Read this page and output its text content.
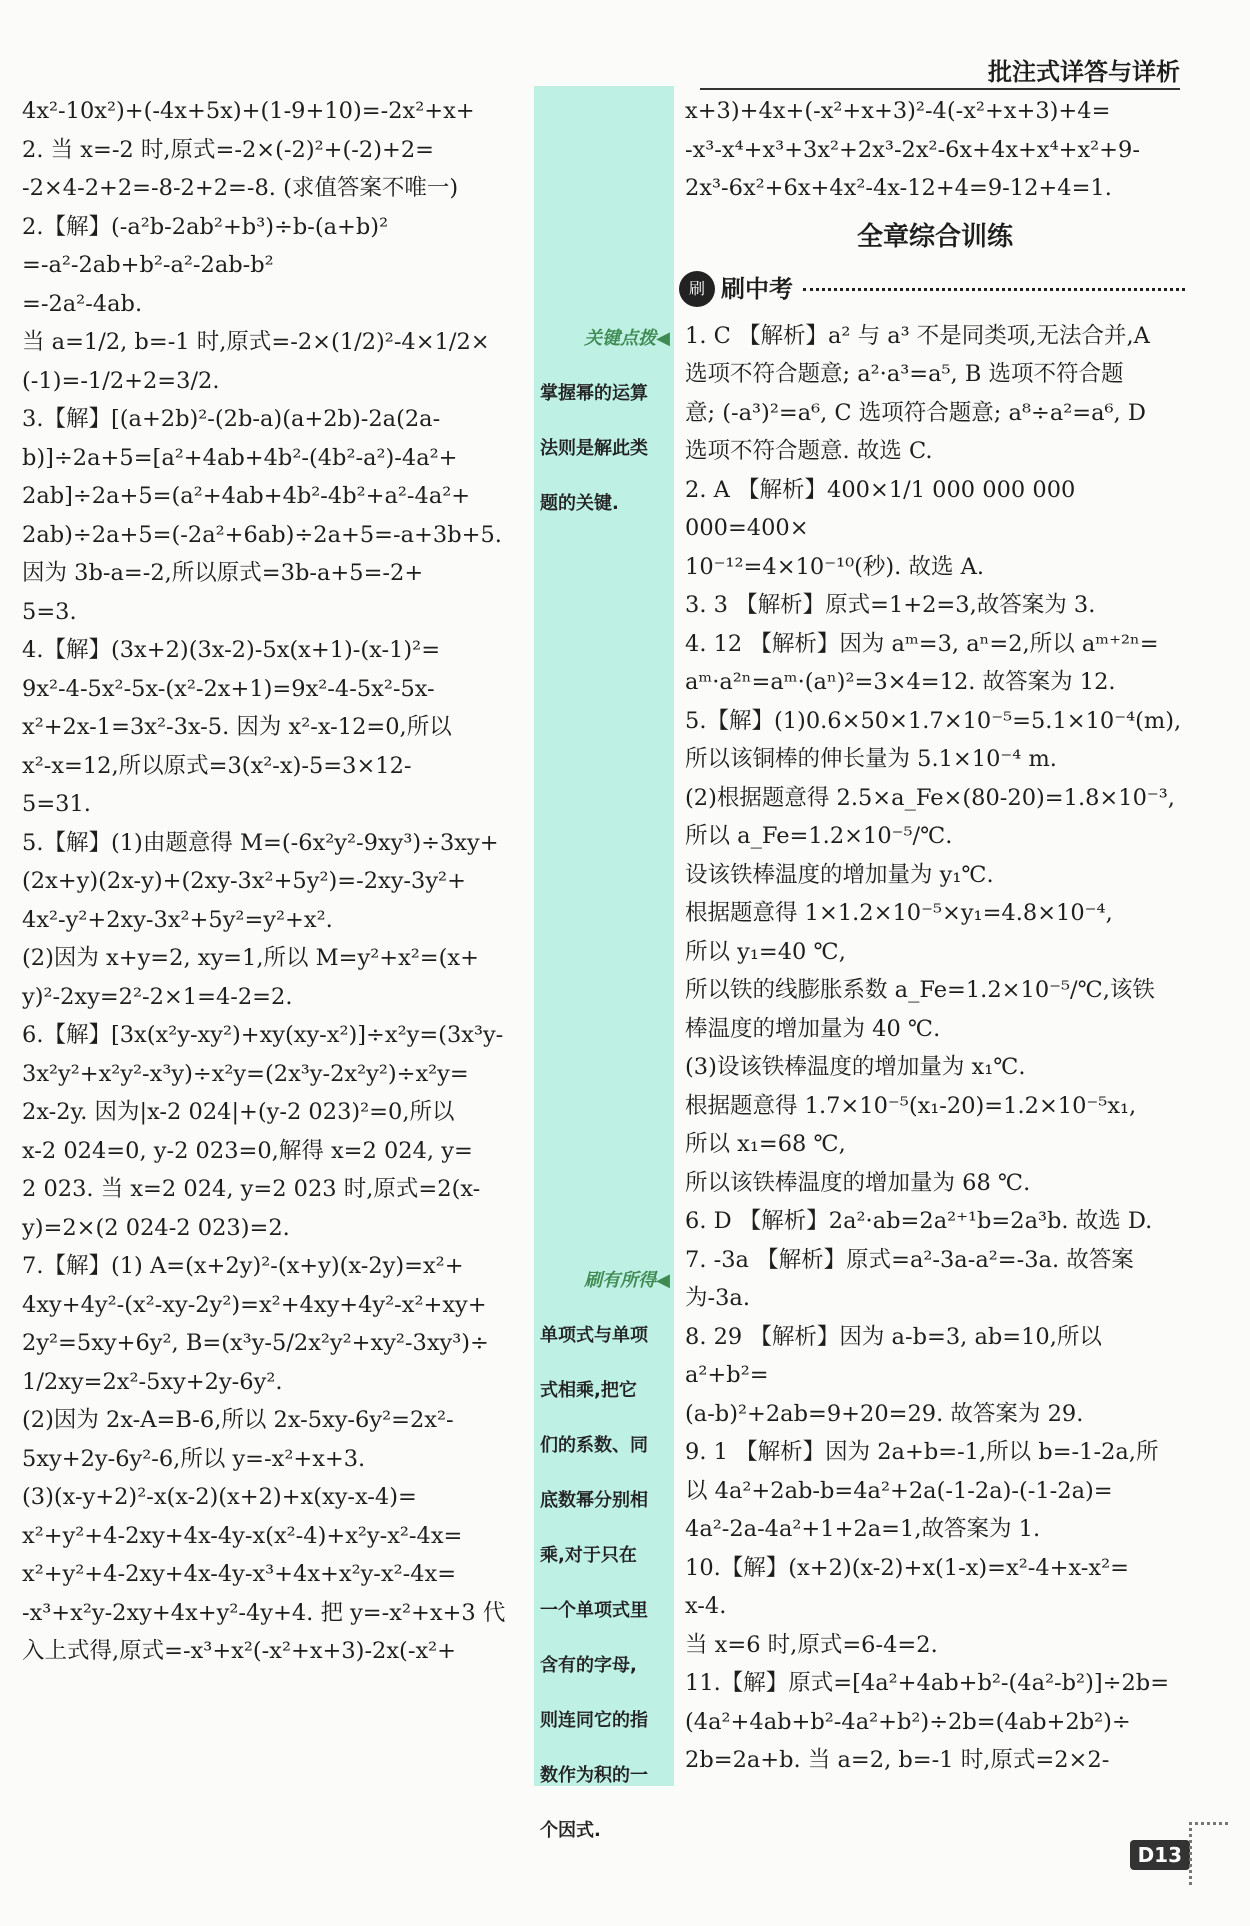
批注式详答与详析

4x²-10x²)+(-4x+5x)+(1-9+10)=-2x²+x+

2. 当 x=-2 时,原式=-2×(-2)²+(-2)+2=

-2×4-2+2=-8-2+2=-8. (求值答案不唯一)

2.【解】(-a²b-2ab²+b³)÷b-(a+b)²

=-a²-2ab+b²-a²-2ab-b²

=-2a²-4ab.

当 a=1/2, b=-1 时,原式=-2×(1/2)²-4×1/2×

(-1)=-1/2+2=3/2.

3.【解】[(a+2b)²-(2b-a)(a+2b)-2a(2a-

b)]÷2a+5=[a²+4ab+4b²-(4b²-a²)-4a²+

2ab]÷2a+5=(a²+4ab+4b²-4b²+a²-4a²+

2ab)÷2a+5=(-2a²+6ab)÷2a+5=-a+3b+5.

因为 3b-a=-2,所以原式=3b-a+5=-2+

5=3.

4.【解】(3x+2)(3x-2)-5x(x+1)-(x-1)²=

9x²-4-5x²-5x-(x²-2x+1)=9x²-4-5x²-5x-

x²+2x-1=3x²-3x-5. 因为 x²-x-12=0,所以

x²-x=12,所以原式=3(x²-x)-5=3×12-

5=31.

5.【解】(1)由题意得 M=(-6x²y²-9xy³)÷3xy+

(2x+y)(2x-y)+(2xy-3x²+5y²)=-2xy-3y²+

4x²-y²+2xy-3x²+5y²=y²+x².

(2)因为 x+y=2, xy=1,所以 M=y²+x²=(x+

y)²-2xy=2²-2×1=4-2=2.

6.【解】[3x(x²y-xy²)+xy(xy-x²)]÷x²y=(3x³y-

3x²y²+x²y²-x³y)÷x²y=(2x³y-2x²y²)÷x²y=

2x-2y. 因为|x-2 024|+(y-2 023)²=0,所以

x-2 024=0, y-2 023=0,解得 x=2 024, y=

2 023. 当 x=2 024, y=2 023 时,原式=2(x-

y)=2×(2 024-2 023)=2.

7.【解】(1) A=(x+2y)²-(x+y)(x-2y)=x²+

4xy+4y²-(x²-xy-2y²)=x²+4xy+4y²-x²+xy+

2y²=5xy+6y², B=(x³y-5/2x²y²+xy²-3xy³)÷

1/2xy=2x²-5xy+2y-6y².

(2)因为 2x-A=B-6,所以 2x-5xy-6y²=2x²-

5xy+2y-6y²-6,所以 y=-x²+x+3.

(3)(x-y+2)²-x(x-2)(x+2)+x(xy-x-4)=

x²+y²+4-2xy+4x-4y-x(x²-4)+x²y-x²-4x=

x²+y²+4-2xy+4x-4y-x³+4x+x²y-x²-4x=

-x³+x²y-2xy+4x+y²-4y+4. 把 y=-x²+x+3 代

入上式得,原式=-x³+x²(-x²+x+3)-2x(-x²+

关键点拨◀

掌握幂的运算

法则是解此类

题的关键.

刷有所得◀

单项式与单项

式相乘,把它

们的系数、同

底数幂分别相

乘,对于只在

一个单项式里

含有的字母,

则连同它的指

数作为积的一

个因式.

x+3)+4x+(-x²+x+3)²-4(-x²+x+3)+4=

-x³-x⁴+x³+3x²+2x³-2x²-6x+4x+x⁴+x²+9-

2x³-6x²+6x+4x²-4x-12+4=9-12+4=1.

全章综合训练
刷 刷中考

1. C 【解析】a² 与 a³ 不是同类项,无法合并,A

选项不符合题意; a²·a³=a⁵, B 选项不符合题

意; (-a³)²=a⁶, C 选项符合题意; a⁸÷a²=a⁶, D

选项不符合题意. 故选 C.

2. A 【解析】400×1/1 000 000 000 000=400×

10⁻¹²=4×10⁻¹⁰(秒). 故选 A.

3. 3 【解析】原式=1+2=3,故答案为 3.

4. 12 【解析】因为 aᵐ=3, aⁿ=2,所以 aᵐ⁺²ⁿ=

aᵐ·a²ⁿ=aᵐ·(aⁿ)²=3×4=12. 故答案为 12.

5.【解】(1)0.6×50×1.7×10⁻⁵=5.1×10⁻⁴(m),

所以该铜棒的伸长量为 5.1×10⁻⁴ m.

(2)根据题意得 2.5×a_Fe×(80-20)=1.8×10⁻³,

所以 a_Fe=1.2×10⁻⁵/℃.

设该铁棒温度的增加量为 y₁℃.

根据题意得 1×1.2×10⁻⁵×y₁=4.8×10⁻⁴,

所以 y₁=40 ℃,

所以铁的线膨胀系数 a_Fe=1.2×10⁻⁵/℃,该铁

棒温度的增加量为 40 ℃.

(3)设该铁棒温度的增加量为 x₁℃.

根据题意得 1.7×10⁻⁵(x₁-20)=1.2×10⁻⁵x₁,

所以 x₁=68 ℃,

所以该铁棒温度的增加量为 68 ℃.

6. D 【解析】2a²·ab=2a²⁺¹b=2a³b. 故选 D.

7. -3a 【解析】原式=a²-3a-a²=-3a. 故答案

为-3a.

8. 29 【解析】因为 a-b=3, ab=10,所以 a²+b²=

(a-b)²+2ab=9+20=29. 故答案为 29.

9. 1 【解析】因为 2a+b=-1,所以 b=-1-2a,所

以 4a²+2ab-b=4a²+2a(-1-2a)-(-1-2a)=

4a²-2a-4a²+1+2a=1,故答案为 1.

10.【解】(x+2)(x-2)+x(1-x)=x²-4+x-x²=

x-4.

当 x=6 时,原式=6-4=2.

11.【解】原式=[4a²+4ab+b²-(4a²-b²)]÷2b=

(4a²+4ab+b²-4a²+b²)÷2b=(4ab+2b²)÷

2b=2a+b. 当 a=2, b=-1 时,原式=2×2-

D13
